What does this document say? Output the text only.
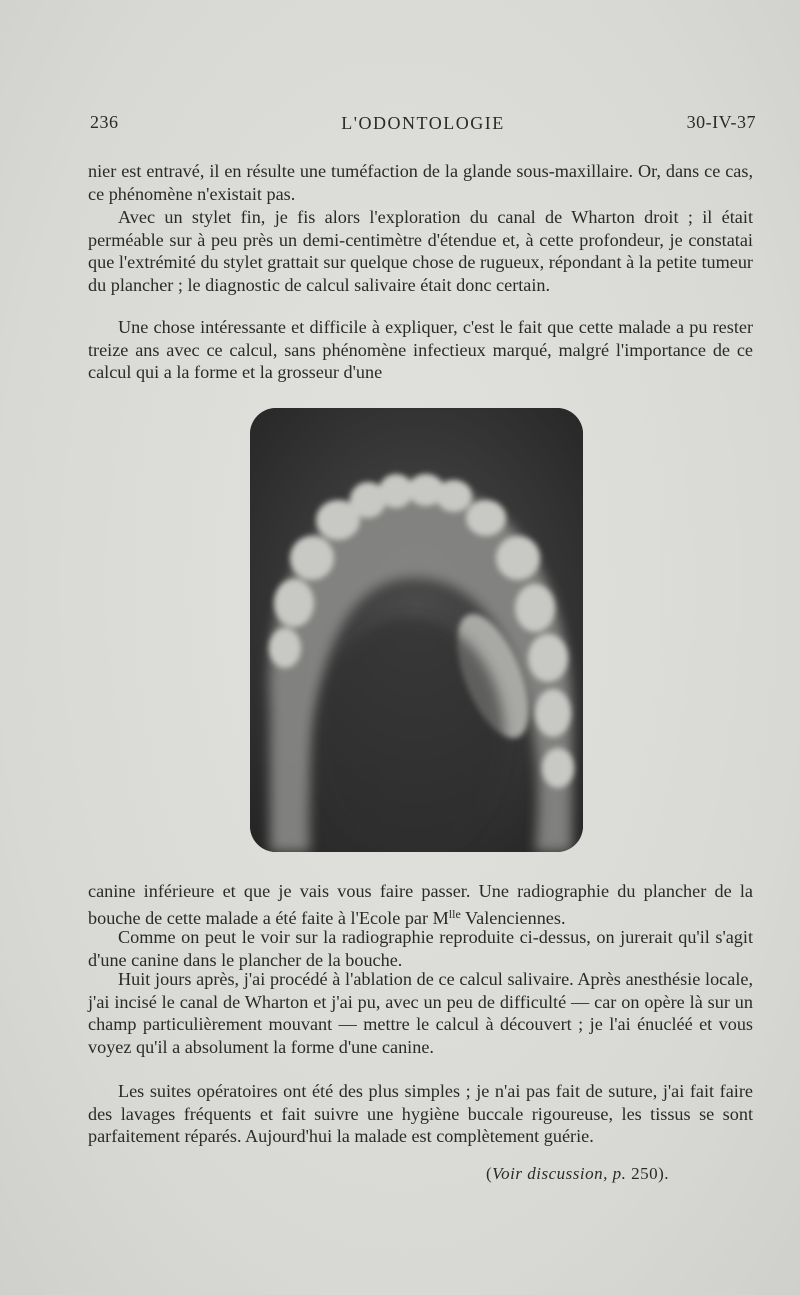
236	L'ODONTOLOGIE	30-IV-37

nier est entravé, il en résulte une tuméfaction de la glande sous-maxillaire. Or, dans ce cas, ce phénomène n'existait pas.

Avec un stylet fin, je fis alors l'exploration du canal de Wharton droit ; il était perméable sur à peu près un demi-centimètre d'étendue et, à cette profondeur, je constatai que l'extrémité du stylet grattait sur quelque chose de rugueux, répondant à la petite tumeur du plancher ; le diagnostic de calcul salivaire était donc certain.

Une chose intéressante et difficile à expliquer, c'est le fait que cette malade a pu rester treize ans avec ce calcul, sans phénomène infectieux marqué, malgré l'importance de ce calcul qui a la forme et la grosseur d'une

canine inférieure et que je vais vous faire passer. Une radiographie du plancher de la bouche de cette malade a été faite à l'Ecole par $M^{lle}$ Valenciennes.

Comme on peut le voir sur la radiographie reproduite ci-dessus, on jurerait qu'il s'agit d'une canine dans le plancher de la bouche.

Huit jours après, j'ai procédé à l'ablation de ce calcul salivaire. Après anesthésie locale, j'ai incisé le canal de Wharton et j'ai pu, avec un peu de difficulté — car on opère là sur un champ particulièrement mouvant — mettre le calcul à découvert ; je l'ai énucléé et vous voyez qu'il a absolument la forme d'une canine.

Les suites opératoires ont été des plus simples ; je n'ai pas fait de suture, j'ai fait faire des lavages fréquents et fait suivre une hygiène buccale rigoureuse, les tissus se sont parfaitement réparés. Aujourd'hui la malade est complètement guérie.

(Voir discussion, p. 250).
